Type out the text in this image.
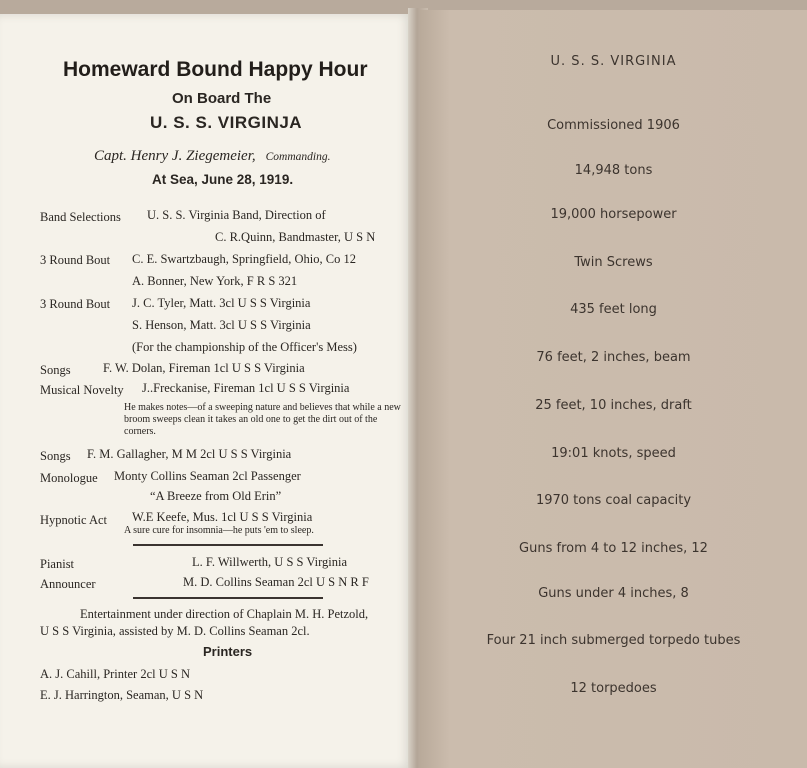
Homeward Bound Happy Hour
On Board The
U. S. S. VIRGINJA
Capt. Henry J. Ziegemeier, Commanding.
At Sea, June 28, 1919.
Band Selections U. S. S. Virginia Band, Direction of
C. R.Quinn, Bandmaster, U S N
3 Round Bout C. E. Swartzbaugh, Springfield, Ohio, Co 12
A. Bonner, New York, F R S 321
3 Round Bout J. C. Tyler, Matt. 3cl U S S Virginia
S. Henson, Matt. 3cl U S S Virginia
(For the championship of the Officer's Mess)
Songs	F. W. Dolan, Fireman 1cl U S S Virginia
Musical Novelty J..Freckanise, Fireman 1cl U S S Virginia
He makes notes—of a sweeping nature and believes that while a new broom sweeps clean it takes an old one to get the dirt out of the corners.
Songs F. M. Gallagher, M M 2cl U S S Virginia
Monologue Monty Collins Seaman 2cl Passenger
“A Breeze from Old Erin”
Hypnotic Act W.E Keefe, Mus. 1cl U S S Virginia
A sure cure for insomnia—he puts 'em to sleep.
Pianist	L. F. Willwerth, U S S Virginia
Announcer	M. D. Collins Seaman 2cl U S N R F
Entertainment under direction of Chaplain M. H. Petzold,
U S S Virginia, assisted by M. D. Collins Seaman 2cl.
Printers
A. J. Cahill, Printer 2cl U S N
E. J. Harrington, Seaman, U S N
U. S. S. VIRGINIA
Commissioned 1906
14,948 tons
19,000 horsepower
Twin Screws
435 feet long
76 feet, 2 inches, beam
25 feet, 10 inches, draft
19:01 knots, speed
1970 tons coal capacity
Guns from 4 to 12 inches, 12
Guns under 4 inches, 8
Four 21 inch submerged torpedo tubes
12 torpedoes
